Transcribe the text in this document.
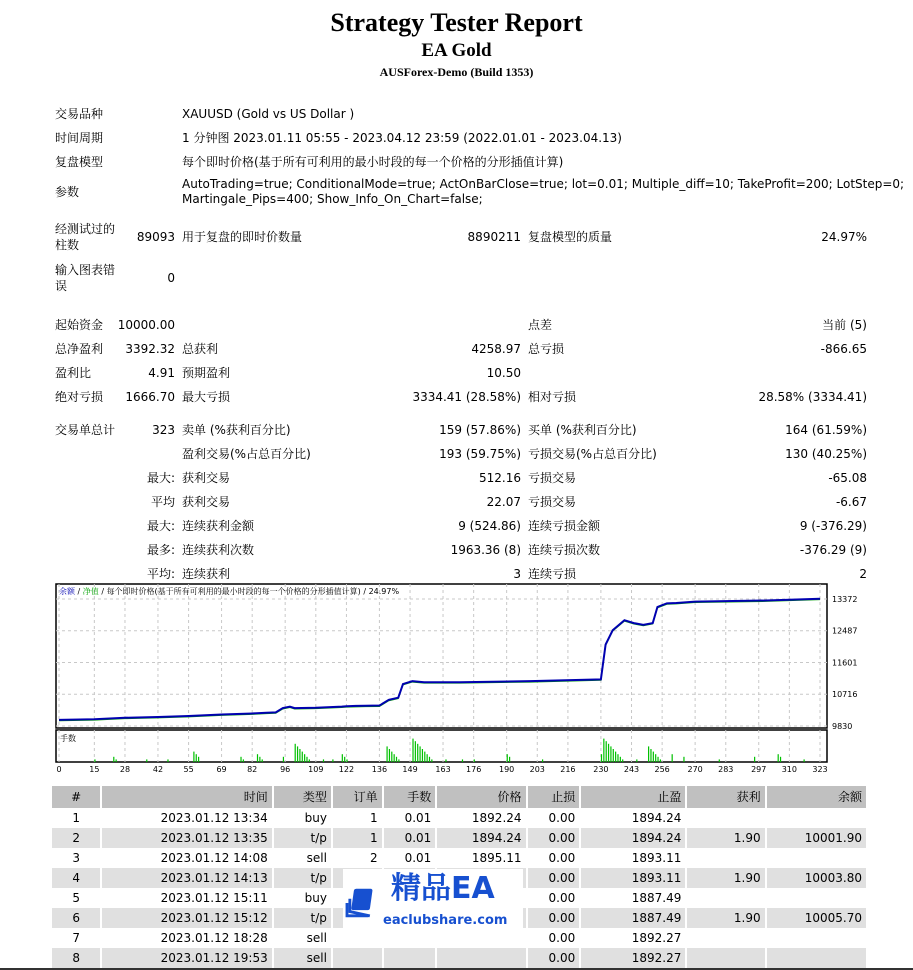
Strategy Tester Report
EA Gold
AUSForex-Demo (Build 1353)
交易品种	XAUUSD (Gold vs US Dollar )
时间周期	1 分钟图 2023.01.11 05:55 - 2023.04.12 23:59 (2022.01.01 - 2023.04.13)
复盘模型	每个即时价格(基于所有可利用的最小时段的每一个价格的分形插值计算)
参数
AutoTrading=true; ConditionalMode=true; ActOnBarClose=true; lot=0.01; Multiple_diff=10; TakeProfit=200; LotStep=0;
Martingale_Pips=400; Show_Info_On_Chart=false;
经测试过的
柱数
89093 用于复盘的即时价数量	8890211 复盘模型的质量	24.97%
输入图表错
误
0
起始资金 10000.00	点差	当前 (5)
总净盈利 3392.32 总获利	4258.97 总亏损	-866.65
盈利比	4.91 预期盈利	10.50
绝对亏损 1666.70 最大亏损	3334.41 (28.58%) 相对亏损	28.58% (3334.41)
交易单总计	323 卖单 (%获利百分比)	159 (57.86%) 买单 (%获利百分比)	164 (61.59%)
盈利交易(%占总百分比)	193 (59.75%) 亏损交易(%占总百分比)	130 (40.25%)
最大: 获利交易	512.16 亏损交易	-65.08
平均 获利交易	22.07 亏损交易	-6.67
最大: 连续获利金额	9 (524.86) 连续亏损金额	9 (-376.29)
最多: 连续获利次数	1963.36 (8) 连续亏损次数	-376.29 (9)
平均: 连续获利	3 连续亏损	2
0	15	28	42	55	69	82	96 109 122 136 149 163 176 190 203 216 230 243 256 270 283 297 310 323
13372
12487
11601
10716
9830
余额 / 净值 / 每个即时价格(基于所有可利用的最小时段的每一个价格的分形插值计算) / 24.97%
手数
#	时间	类型	订单	手数	价格	止损	止盈	获利	余额
1	2023.01.12 13:34	buy	1	0.01	1892.24	0.00	1894.24		
2	2023.01.12 13:35	t/p	1	0.01	1894.24	0.00	1894.24	1.90	10001.90
3	2023.01.12 14:08	sell	2	0.01	1895.11	0.00	1893.11		
4	2023.01.12 14:13	t/p				0.00	1893.11	1.90	10003.80
5	2023.01.12 15:11	buy				0.00	1887.49		
6	2023.01.12 15:12	t/p				0.00	1887.49	1.90	10005.70
7	2023.01.12 18:28	sell				0.00	1892.27		
8	2023.01.12 19:53	sell				0.00	1892.27		
精品EA
eaclubshare.com
